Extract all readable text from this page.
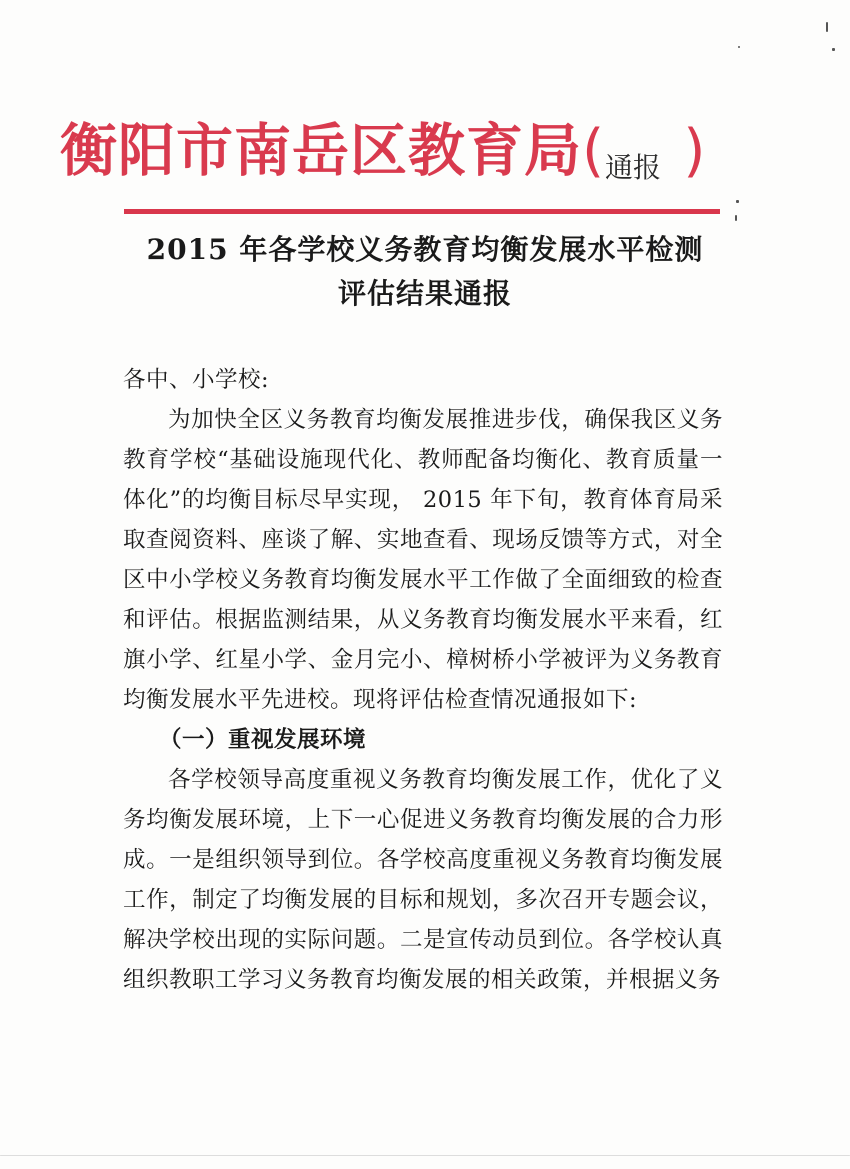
衡阳市南岳区教育局( )
通报
2015 年各学校义务教育均衡发展水平检测
评估结果通报

各中、小学校:

为加快全区义务教育均衡发展推进步伐，确保我区义务教育学校“基础设施现代化、教师配备均衡化、教育质量一体化”的均衡目标尽早实现， 2015 年下旬，教育体育局采取查阅资料、座谈了解、实地查看、现场反馈等方式，对全区中小学校义务教育均衡发展水平工作做了全面细致的检查和评估。根据监测结果，从义务教育均衡发展水平来看，红旗小学、红星小学、金月完小、樟树桥小学被评为义务教育均衡发展水平先进校。现将评估检查情况通报如下:

（一）重视发展环境

各学校领导高度重视义务教育均衡发展工作，优化了义务均衡发展环境，上下一心促进义务教育均衡发展的合力形成。一是组织领导到位。各学校高度重视义务教育均衡发展工作，制定了均衡发展的目标和规划，多次召开专题会议，解决学校出现的实际问题。二是宣传动员到位。各学校认真组织教职工学习义务教育均衡发展的相关政策，并根据义务
